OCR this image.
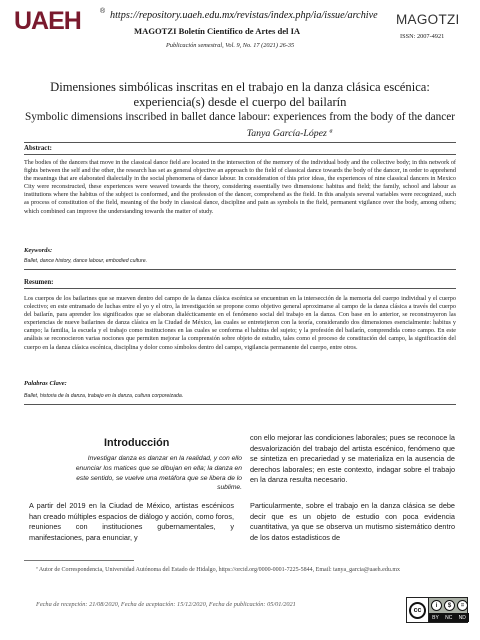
UAEH	® https://repository.uaeh.edu.mx/revistas/index.php/ia/issue/archive
MAGOTZI Boletín Científico de Artes del IA
Publicación semestral, Vol. 9, No. 17 (2021) 26-35
MAGOTZI
ISSN: 2007-4921
Dimensiones simbólicas inscritas en el trabajo en la danza clásica escénica: experiencia(s) desde el cuerpo del bailarín
Symbolic dimensions inscribed in ballet dance labour: experiences from the body of the dancer
Tanya García-López ª
Abstract:
The bodies of the dancers that move in the classical dance field are located in the intersection of the memory of the individual body and the collective body; in this network of fights between the self and the other, the research has set as general objective an approach to the field of classical dance towards the body of the dancer, in order to apprehend the meanings that are elaborated dialectally in the social phenomena of dance labour. In consideration of this prior ideas, the experiences of nine classical dancers in Mexico City were reconstructed, these experiences were weaved towards the theory, considering essentially two dimensions: habitus and field; the family, school and labour as institutions where the habitus of the subject is conformed, and the profession of the dancer, comprehend as the field. In this analysis several variables were recognized, such as process of constitution of the field, meaning of the body in classical dance, discipline and pain as symbols in the field, permanent vigilance over the body, among others; which combined can improve the understanding towards the matter of study.
Keywords:
Ballet, dance history, dance labour, embodied culture.
Resumen:
Los cuerpos de los bailarines que se mueven dentro del campo de la danza clásica escénica se encuentran en la intersección de la memoria del cuerpo individual y el cuerpo colectivo; en este entramado de luchas entre el yo y el otro, la investigación se propone como objetivo general aproximarse al campo de la danza clásica a través del cuerpo del bailarín, para aprender los significados que se elaboran dialécticamente en el fenómeno social del trabajo en la danza. Con base en lo anterior, se reconstruyeron las experiencias de nueve bailarines de danza clásica en la Ciudad de México, las cuales se entretejieron con la teoría, considerando dos dimensiones esencialmente: habitus y campo; la familia, la escuela y el trabajo como instituciones en las cuales se conforma el habitus del sujeto; y la profesión del bailarín, comprendida como campo. En este análisis se reconocieron varias nociones que permiten mejorar la comprensión sobre objeto de estudio, tales como el proceso de constitución del campo, la significación del cuerpo en la danza clásica escénica, disciplina y dolor como símbolos dentro del campo, vigilancia permanente del cuerpo, entre otros.
Palabras Clave:
Ballet, historia de la danza, trabajo en la danza, cultura corporeizada.
Introducción
Investigar danza es danzar en la realidad, y con ello enunciar los matices que se dibujan en ella; la danza en este sentido, se vuelve una metáfora que se libera de lo sublime.
A partir del 2019 en la Ciudad de México, artistas escénicos han creado múltiples espacios de diálogo y acción, como foros, reuniones con instituciones gubernamentales, y manifestaciones, para enunciar, y
con ello mejorar las condiciones laborales; pues se reconoce la desvalorización del trabajo del artista escénico, fenómeno que se sintetiza en precariedad y se materializa en la ausencia de derechos laborales; en este contexto, indagar sobre el trabajo en la danza resulta necesario.
Particularmente, sobre el trabajo en la danza clásica se debe decir que es un objeto de estudio con poca evidencia cuantitativa, ya que se observa un mutismo sistemático dentro de los datos estadísticos de
ª Autor de Correspondencia, Universidad Autónoma del Estado de Hidalgo, https://orcid.org/0000-0001-7225-5844, Email: tanya_garcia@uaeh.edu.mx
Fecha de recepción: 21/08/2020, Fecha de aceptación: 15/12/2020, Fecha de publicación: 05/01/2021
cc
i	$	=
BY NC ND
